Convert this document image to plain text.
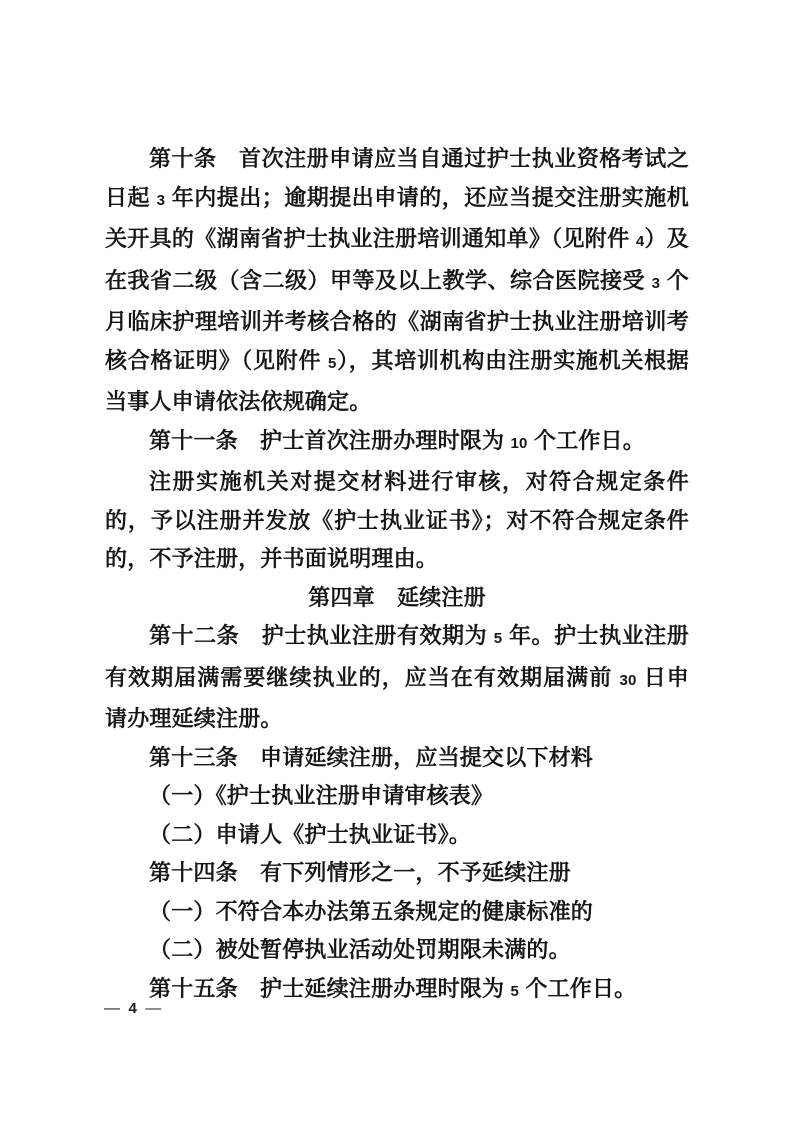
第十条　首次注册申请应当自通过护士执业资格考试之日起 3 年内提出；逾期提出申请的，还应当提交注册实施机关开具的《湖南省护士执业注册培训通知单》（见附件 4）及在我省二级（含二级）甲等及以上教学、综合医院接受 3 个月临床护理培训并考核合格的《湖南省护士执业注册培训考核合格证明》（见附件 5），其培训机构由注册实施机关根据当事人申请依法依规确定。

第十一条　护士首次注册办理时限为 10 个工作日。

注册实施机关对提交材料进行审核，对符合规定条件的，予以注册并发放《护士执业证书》；对不符合规定条件的，不予注册，并书面说明理由。

第四章　延续注册

第十二条　护士执业注册有效期为 5 年。护士执业注册有效期届满需要继续执业的，应当在有效期届满前 30 日申请办理延续注册。

第十三条　申请延续注册，应当提交以下材料

（一）《护士执业注册申请审核表》

（二）申请人《护士执业证书》。

第十四条　有下列情形之一，不予延续注册

（一）不符合本办法第五条规定的健康标准的

（二）被处暂停执业活动处罚期限未满的。

第十五条　护士延续注册办理时限为 5 个工作日。

— 4 —
